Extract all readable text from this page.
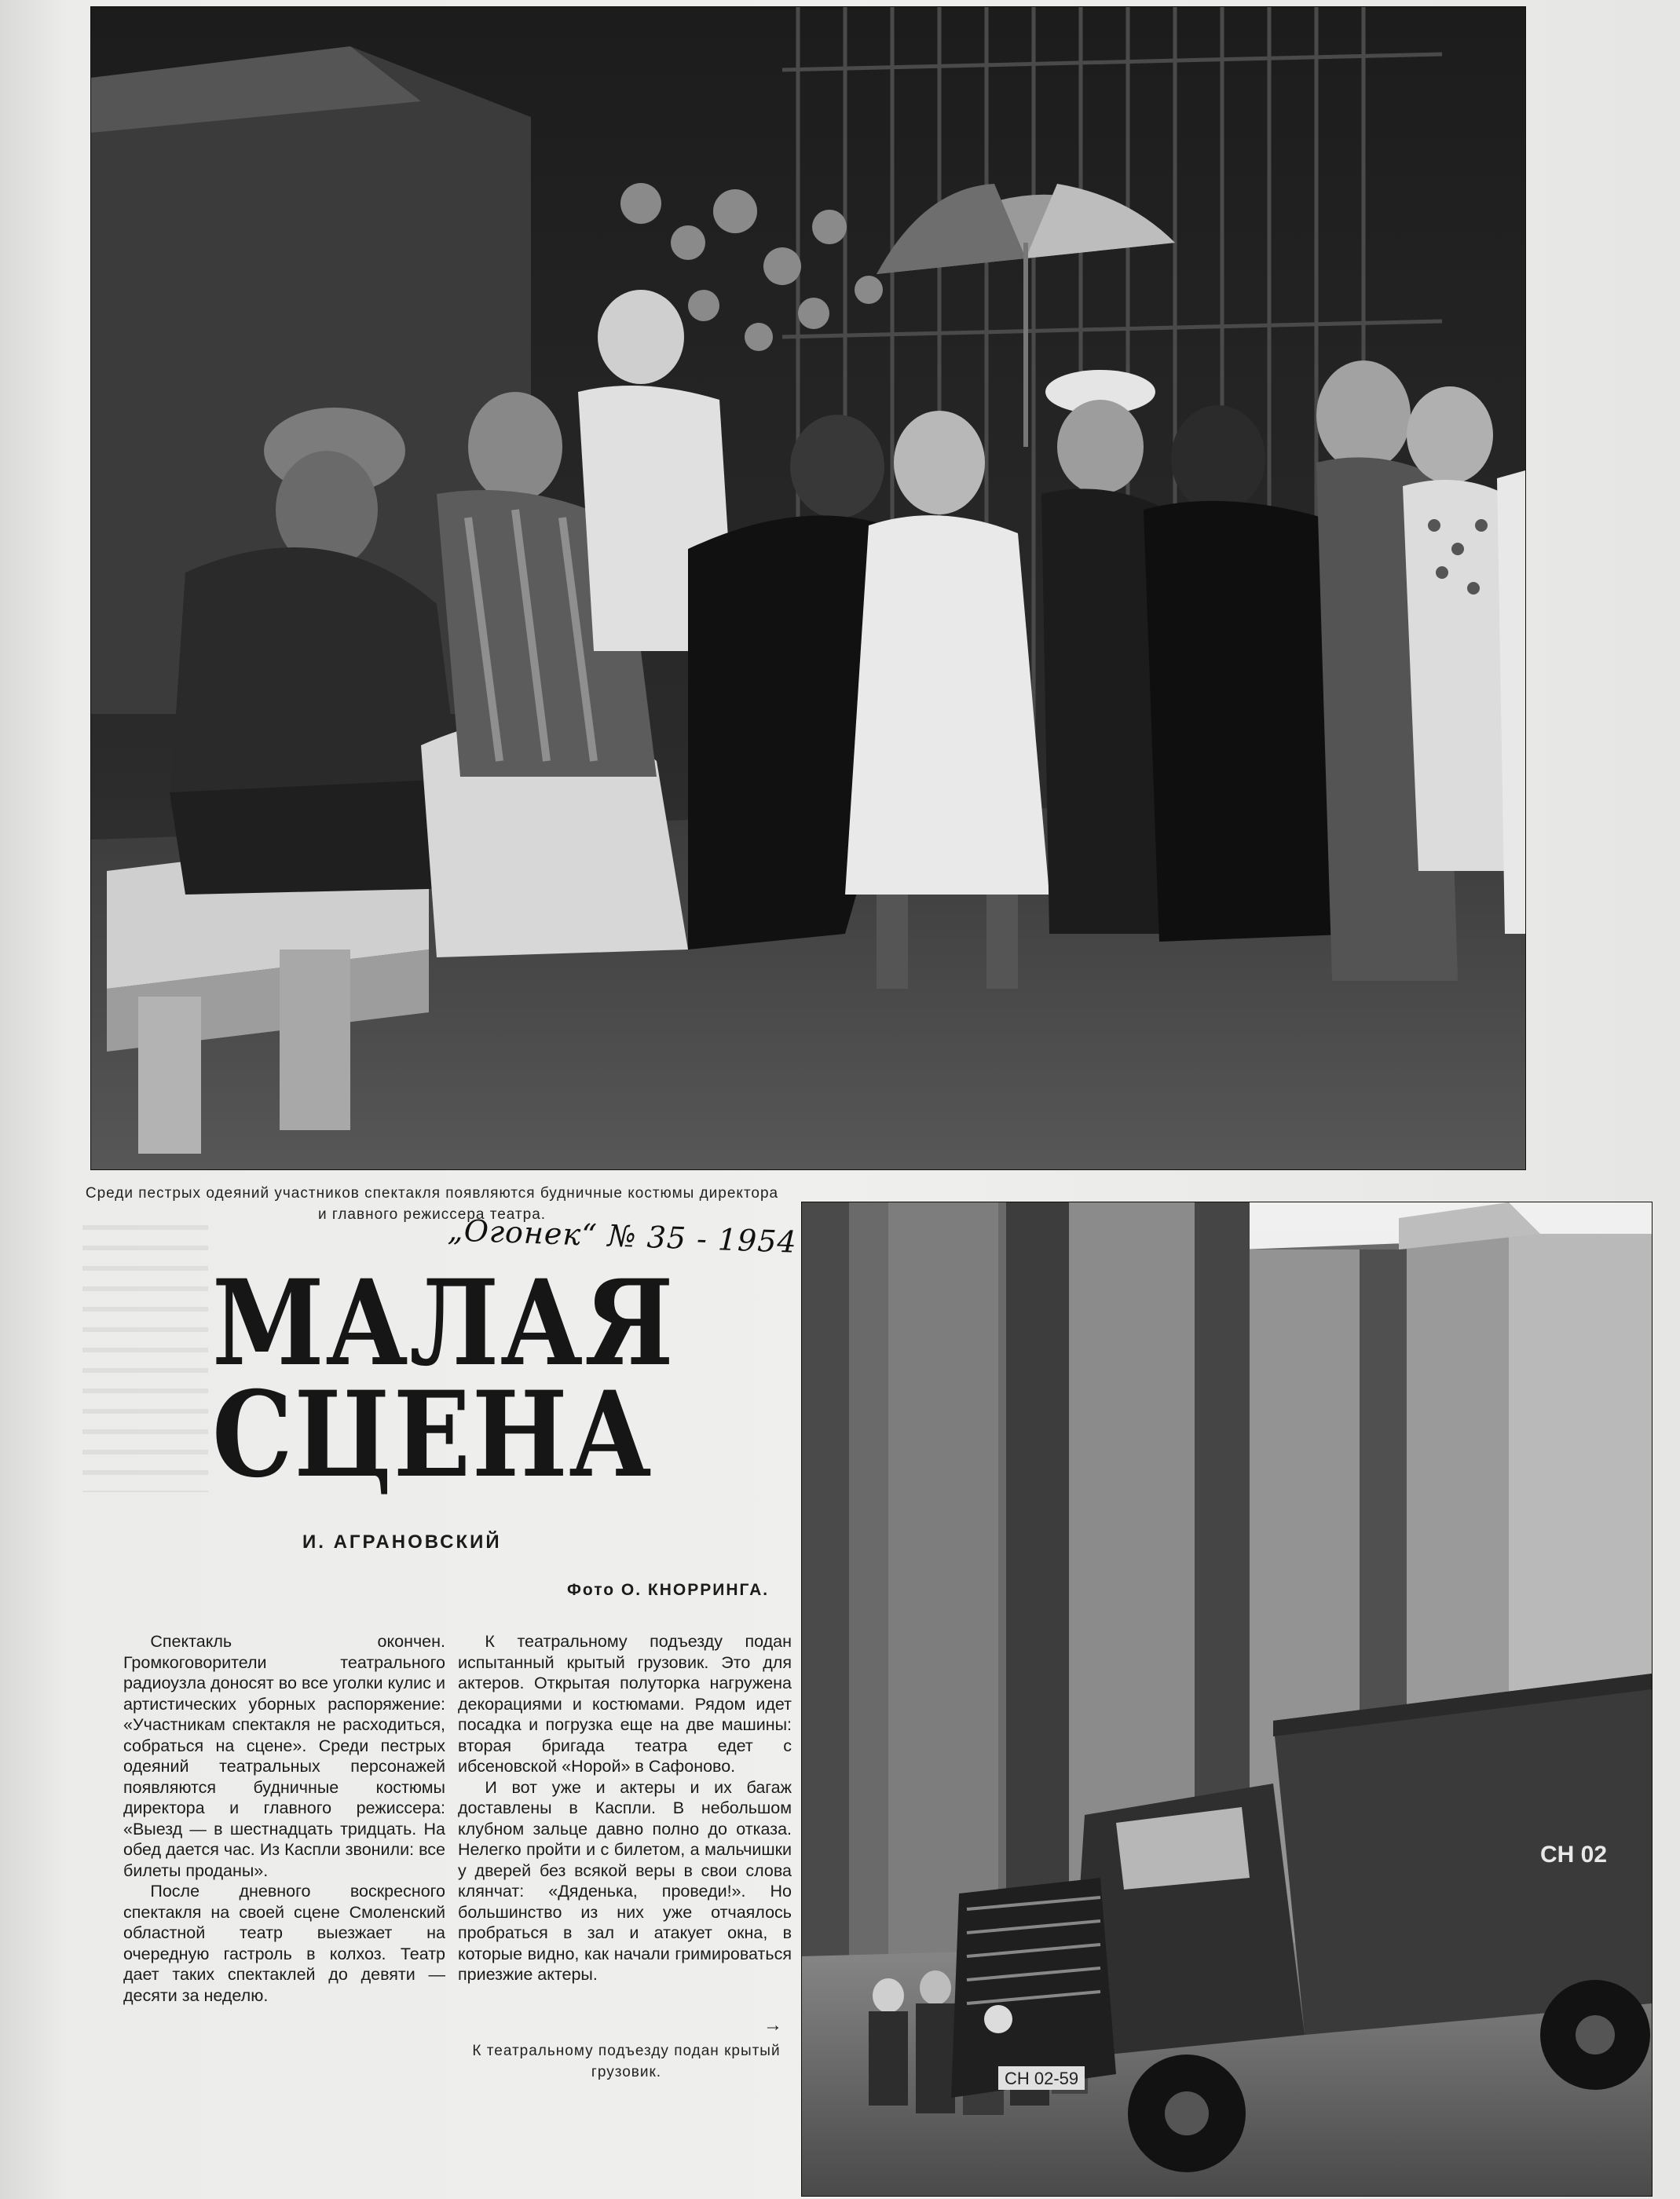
Среди пестрых одеяний участников спектакля появляются будничные костюмы директора и главного режиссера театра.
„Огонек“ № 35 - 1954
МАЛАЯ
СЦЕНА
И. АГРАНОВСКИЙ
Фото О. КНОРРИНГА.

Спектакль окончен. Громкоговорители театрального радиоузла доносят во все уголки кулис и артистических уборных распоряжение: «Участникам спектакля не расходиться, собраться на сцене». Среди пестрых одеяний театральных персонажей появляются будничные костюмы директора и главного режиссера: «Выезд — в шестнадцать тридцать. На обед дается час. Из Каспли звонили: все билеты проданы».

После дневного воскресного спектакля на своей сцене Смоленский областной театр выезжает на очередную гастроль в колхоз. Театр дает таких спектаклей до девяти — десяти за неделю.

К театральному подъезду подан испытанный крытый грузовик. Это для актеров. Открытая полуторка нагружена декорациями и костюмами. Рядом идет посадка и погрузка еще на две машины: вторая бригада театра едет с ибсеновской «Норой» в Сафоново.

И вот уже и актеры и их багаж доставлены в Каспли. В небольшом клубном зальце давно полно до отказа. Нелегко пройти и с билетом, а мальчишки у дверей без всякой веры в свои слова клянчат: «Дяденька, проведи!». Но большинство из них уже отчаялось пробраться в зал и атакует окна, в которые видно, как начали гримироваться приезжие актеры.

→
К театральному подъезду подан крытый грузовик.	СН 02-59
СН 02
